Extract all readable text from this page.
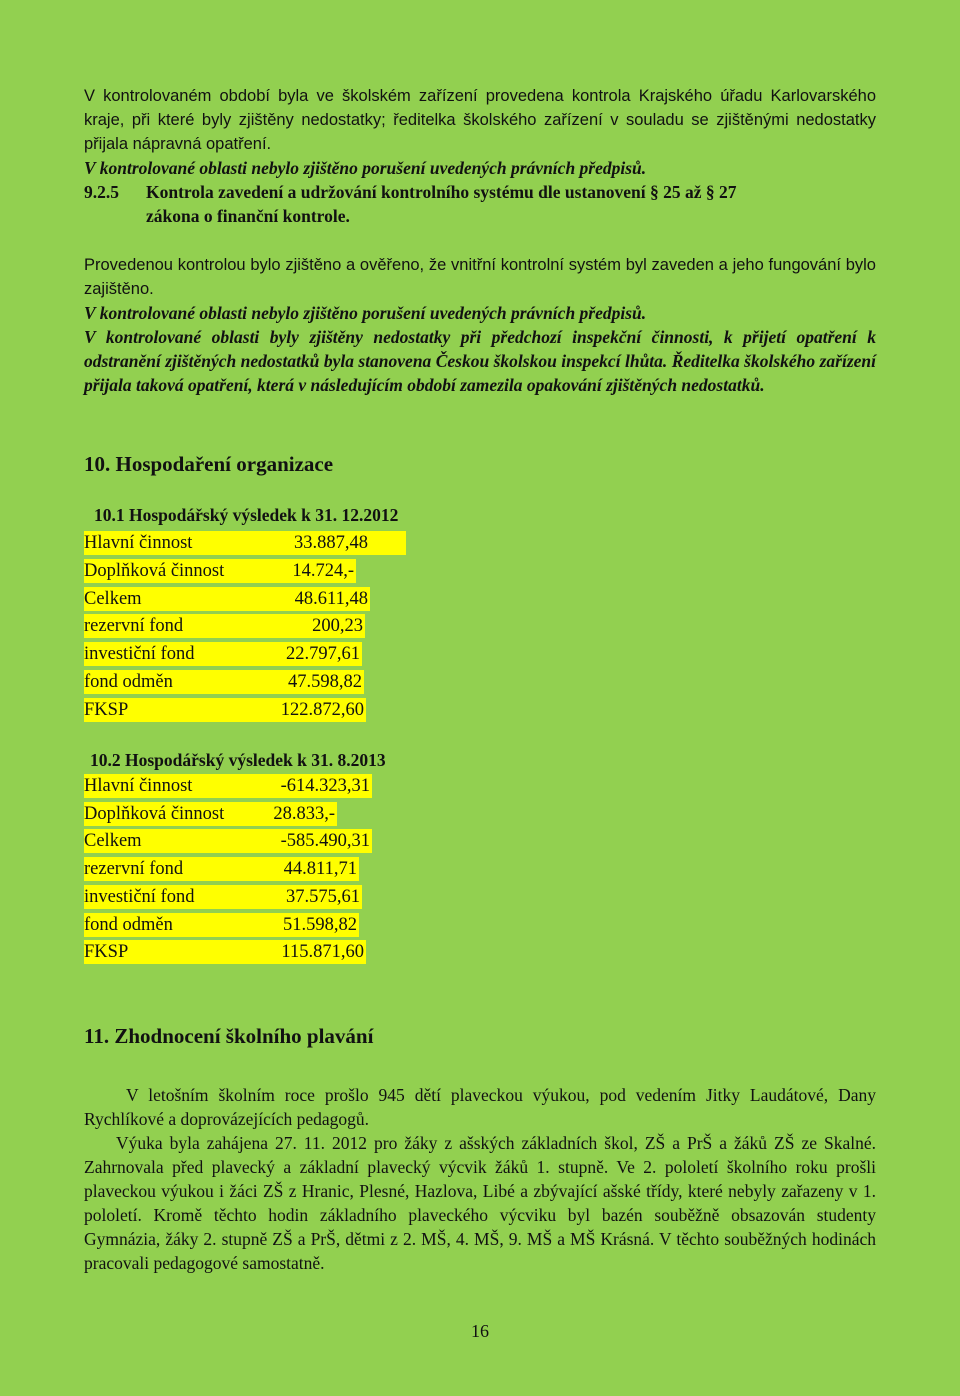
V kontrolovaném období byla ve školském zařízení provedena kontrola Krajského úřadu Karlovarského kraje, při které byly zjištěny nedostatky; ředitelka školského zařízení v souladu se zjištěnými nedostatky přijala nápravná opatření.

V kontrolované oblasti nebylo zjištěno porušení uvedených právních předpisů.

9.2.5 Kontrola zavedení a udržování kontrolního systému dle ustanovení § 25 až § 27
zákona o finanční kontrole.

Provedenou kontrolou bylo zjištěno a ověřeno, že vnitřní kontrolní systém byl zaveden a jeho fungování bylo zajištěno.

V kontrolované oblasti nebylo zjištěno porušení uvedených právních předpisů.

V kontrolované oblasti byly zjištěny nedostatky při předchozí inspekční činnosti, k přijetí opatření k odstranění zjištěných nedostatků byla stanovena Českou školskou inspekcí lhůta. Ředitelka školského zařízení přijala taková opatření, která v následujícím období zamezila opakování zjištěných nedostatků.

10. Hospodaření organizace
10.1 Hospodářský výsledek k 31. 12.2012
Hlavní činnost	33.887,48
Doplňková činnost	14.724,-
Celkem	48.611,48
rezervní fond	200,23
investiční fond	22.797,61
fond odměn	47.598,82
FKSP	122.872,60
10.2 Hospodářský výsledek k 31. 8.2013
Hlavní činnost	-614.323,31
Doplňková činnost	28.833,-
Celkem	-585.490,31
rezervní fond	44.811,71
investiční fond	37.575,61
fond odměn	51.598,82
FKSP	115.871,60
11. Zhodnocení školního plavání

V letošním školním roce prošlo 945 dětí plaveckou výukou, pod vedením Jitky Laudátové, Dany Rychlíkové a doprovázejících pedagogů.

Výuka byla zahájena 27. 11. 2012 pro žáky z ašských základních škol, ZŠ a PrŠ a žáků ZŠ ze Skalné. Zahrnovala před plavecký a základní plavecký výcvik žáků 1. stupně. Ve 2. pololetí školního roku prošli plaveckou výukou i žáci ZŠ z Hranic, Plesné, Hazlova, Libé a zbývající ašské třídy, které nebyly zařazeny v 1. pololetí. Kromě těchto hodin základního plaveckého výcviku byl bazén souběžně obsazován studenty Gymnázia, žáky 2. stupně ZŠ a PrŠ, dětmi z 2. MŠ, 4. MŠ, 9. MŠ a MŠ Krásná. V těchto souběžných hodinách pracovali pedagogové samostatně.

16
